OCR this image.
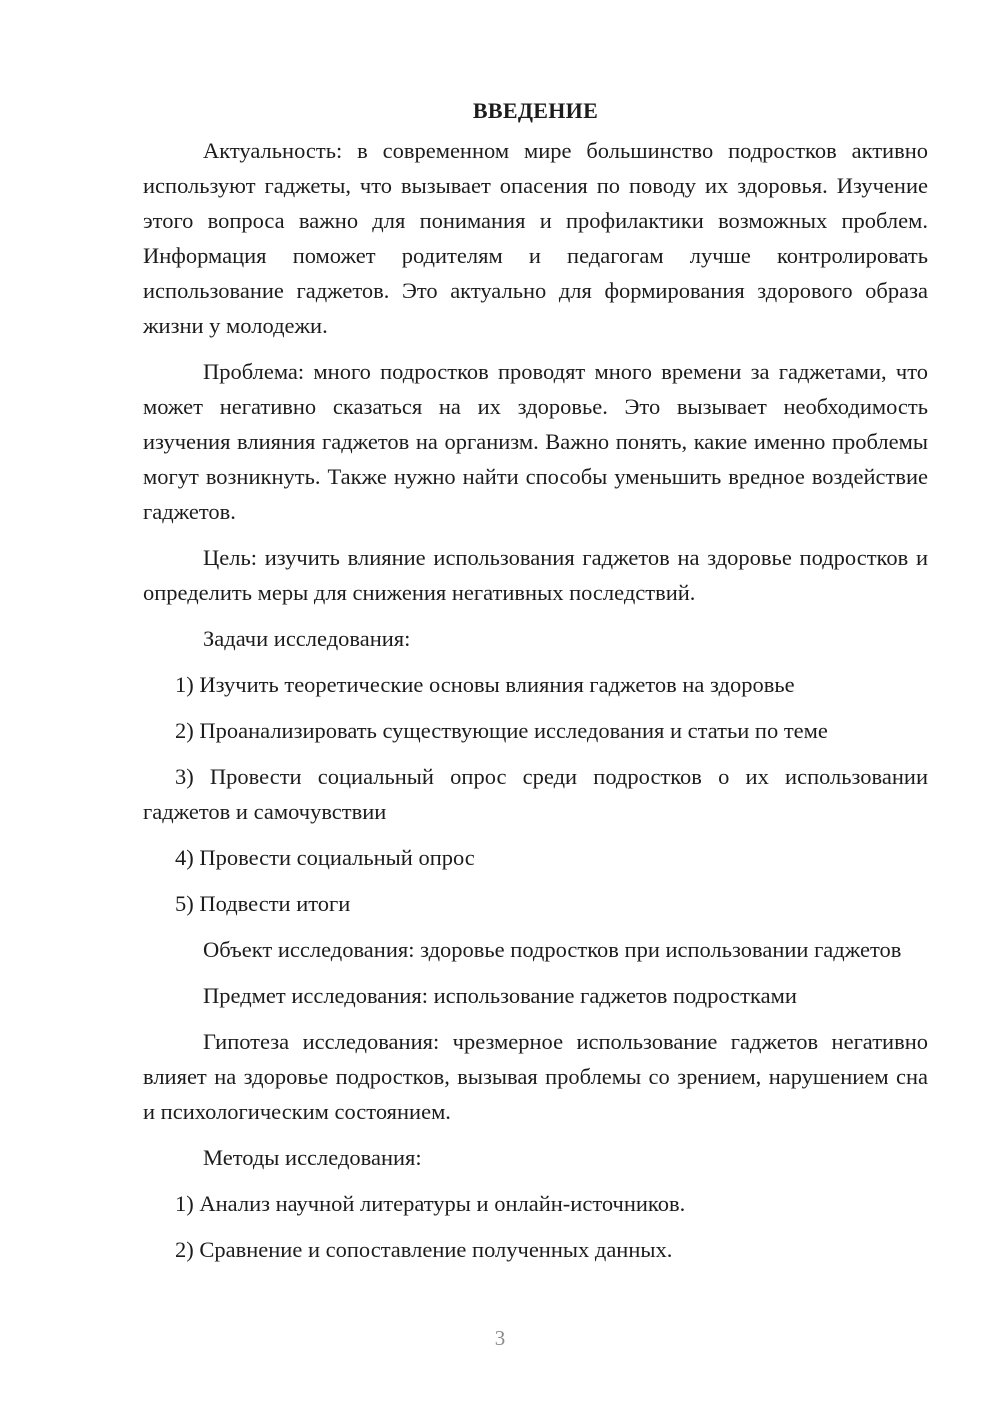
ВВЕДЕНИЕ

Актуальность: в современном мире большинство подростков активно используют гаджеты, что вызывает опасения по поводу их здоровья. Изучение этого вопроса важно для понимания и профилактики возможных проблем. Информация поможет родителям и педагогам лучше контролировать использование гаджетов. Это актуально для формирования здорового образа жизни у молодежи.

Проблема: много подростков проводят много времени за гаджетами, что может негативно сказаться на их здоровье. Это вызывает необходимость изучения влияния гаджетов на организм. Важно понять, какие именно проблемы могут возникнуть. Также нужно найти способы уменьшить вредное воздействие гаджетов.

Цель: изучить влияние использования гаджетов на здоровье подростков и определить меры для снижения негативных последствий.

Задачи исследования:

1) Изучить теоретические основы влияния гаджетов на здоровье

2) Проанализировать существующие исследования и статьи по теме

3) Провести социальный опрос среди подростков о их использовании гаджетов и самочувствии

4) Провести социальный опрос

5) Подвести итоги

Объект исследования: здоровье подростков при использовании гаджетов

Предмет исследования: использование гаджетов подростками

Гипотеза исследования: чрезмерное использование гаджетов негативно влияет на здоровье подростков, вызывая проблемы со зрением, нарушением сна и психологическим состоянием.

Методы исследования:

1) Анализ научной литературы и онлайн-источников.

2) Сравнение и сопоставление полученных данных.

3
